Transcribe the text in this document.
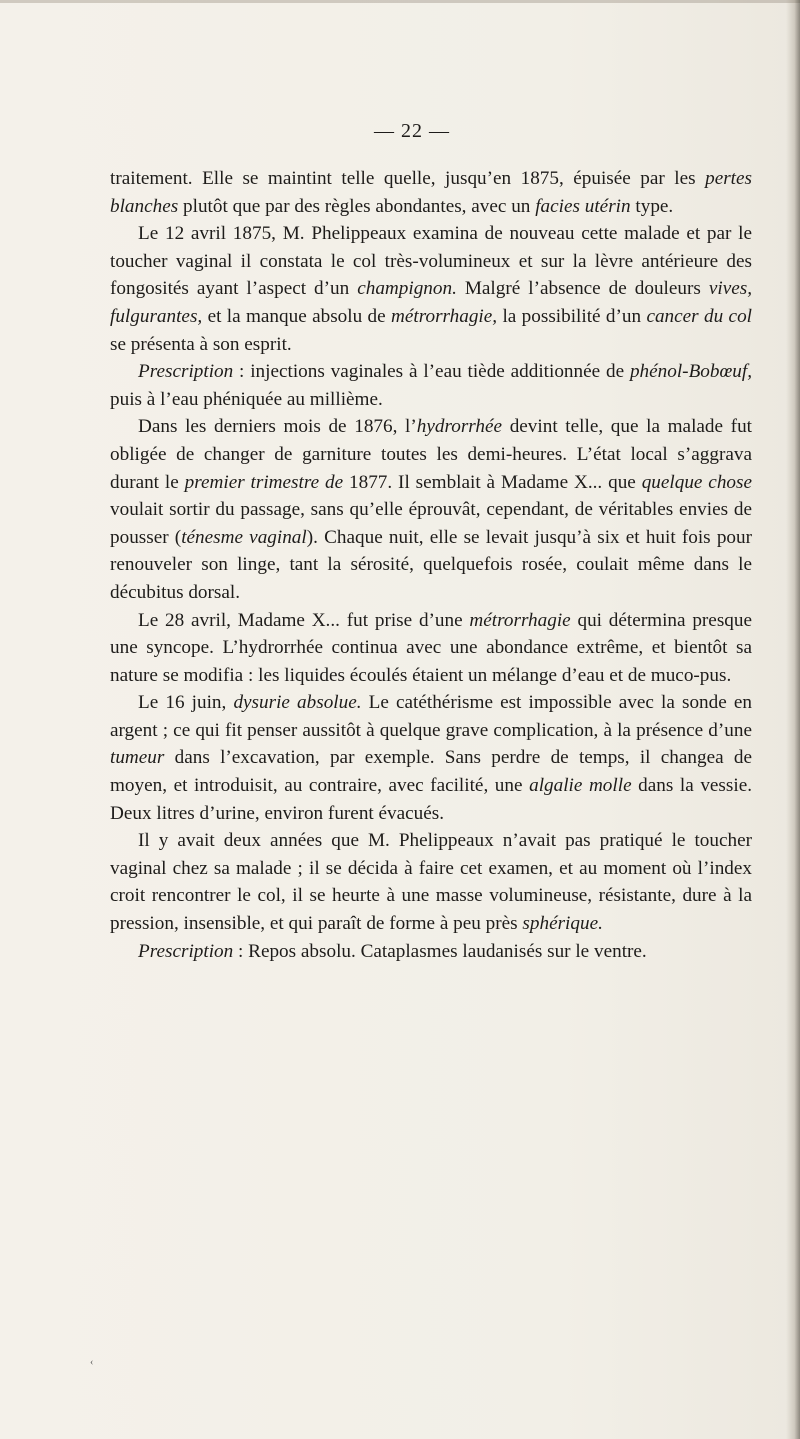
— 22 —

traitement. Elle se maintint telle quelle, jusqu’en 1875, épuisée par les pertes blanches plutôt que par des règles abondantes, avec un facies utérin type.

Le 12 avril 1875, M. Phelippeaux examina de nouveau cette malade et par le toucher vaginal il constata le col très-volumineux et sur la lèvre antérieure des fongosités ayant l’aspect d’un champignon. Malgré l’absence de douleurs vives, fulgurantes, et la manque absolu de métrorrhagie, la possibilité d’un cancer du col se présenta à son esprit.

Prescription : injections vaginales à l’eau tiède additionnée de phénol-Bobœuf, puis à l’eau phéniquée au millième.

Dans les derniers mois de 1876, l’hydrorrhée devint telle, que la malade fut obligée de changer de garniture toutes les demi-heures. L’état local s’aggrava durant le premier trimestre de 1877. Il semblait à Madame X... que quelque chose voulait sortir du passage, sans qu’elle éprouvât, cependant, de véritables envies de pousser (ténesme vaginal). Chaque nuit, elle se levait jusqu’à six et huit fois pour renouveler son linge, tant la sérosité, quelquefois rosée, coulait même dans le décubitus dorsal.

Le 28 avril, Madame X... fut prise d’une métrorrhagie qui détermina presque une syncope. L’hydrorrhée continua avec une abondance extrême, et bientôt sa nature se modifia : les liquides écoulés étaient un mélange d’eau et de muco-pus.

Le 16 juin, dysurie absolue. Le catéthérisme est impossible avec la sonde en argent ; ce qui fit penser aussitôt à quelque grave complication, à la présence d’une tumeur dans l’excavation, par exemple. Sans perdre de temps, il changea de moyen, et introduisit, au contraire, avec facilité, une algalie molle dans la vessie. Deux litres d’urine, environ furent évacués.

Il y avait deux années que M. Phelippeaux n’avait pas pratiqué le toucher vaginal chez sa malade ; il se décida à faire cet examen, et au moment où l’index croit rencontrer le col, il se heurte à une masse volumineuse, résistante, dure à la pression, insensible, et qui paraît de forme à peu près sphérique.

Prescription : Repos absolu. Cataplasmes laudanisés sur le ventre.

‹
